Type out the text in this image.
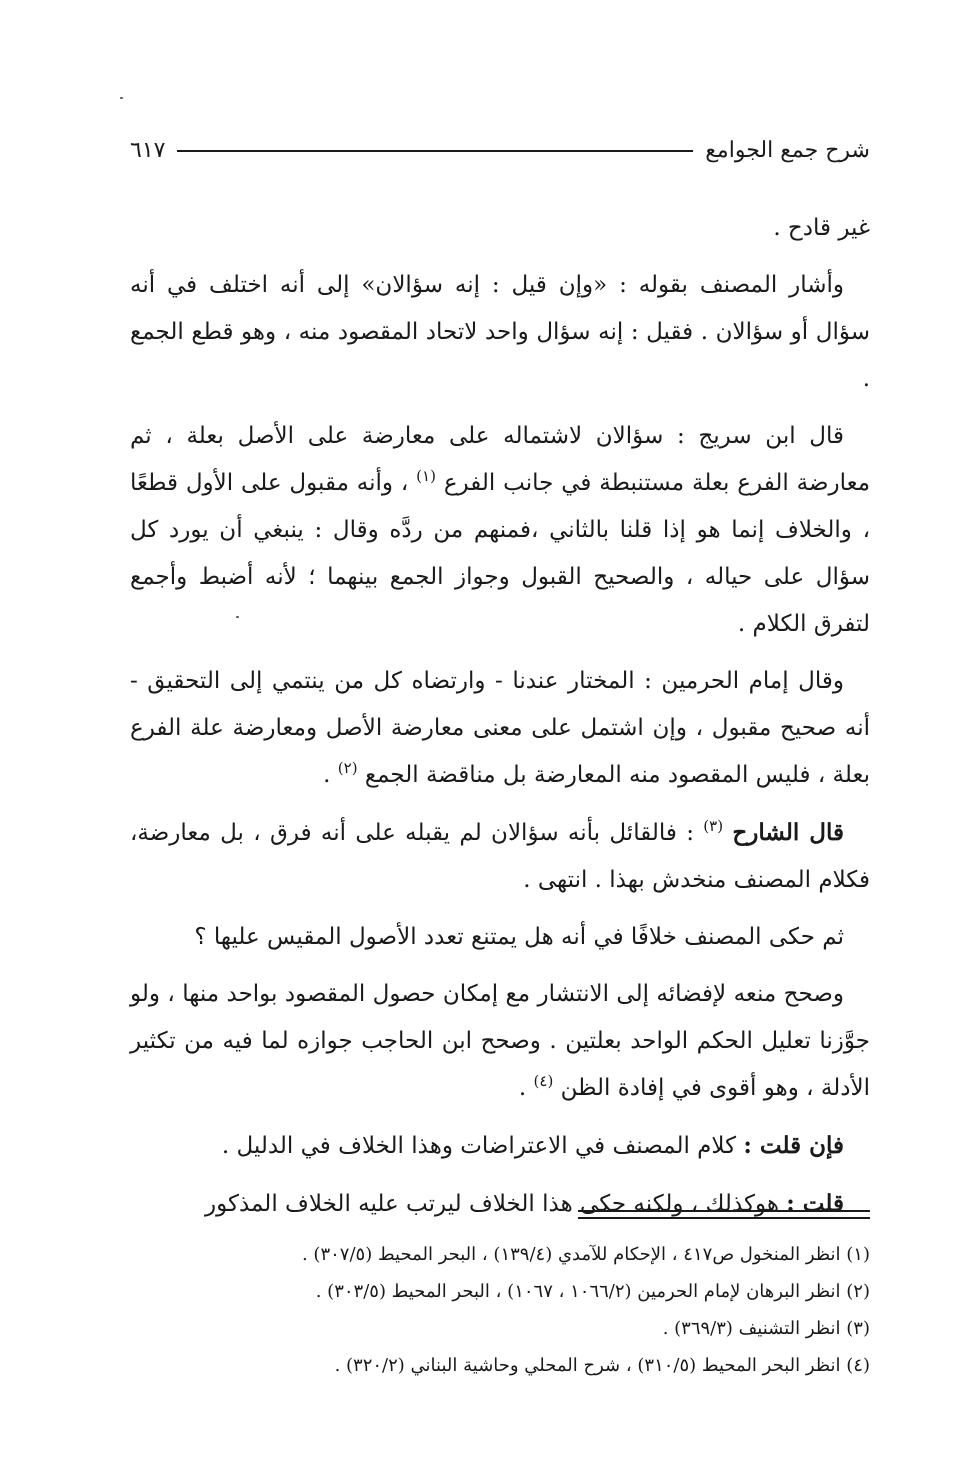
شرح جمع الجوامع
٦١٧

غير قادح .

وأشار المصنف بقوله : «وإن قيل : إنه سؤالان» إلى أنه اختلف في أنه سؤال أو سؤالان . فقيل : إنه سؤال واحد لاتحاد المقصود منه ، وهو قطع الجمع .

قال ابن سريج : سؤالان لاشتماله على معارضة على الأصل بعلة ، ثم معارضة الفرع بعلة مستنبطة في جانب الفرع $^{(١)}$ ، وأنه مقبول على الأول قطعًا ، والخلاف إنما هو إذا قلنا بالثاني ،فمنهم من ردَّه وقال : ينبغي أن يورد كل سؤال على حياله ، والصحيح القبول وجواز الجمع بينهما ؛ لأنه أضبط وأجمع لتفرق الكلام .

وقال إمام الحرمين : المختار عندنا - وارتضاه كل من ينتمي إلى التحقيق - أنه صحيح مقبول ، وإن اشتمل على معنى معارضة الأصل ومعارضة علة الفرع بعلة ، فليس المقصود منه المعارضة بل مناقضة الجمع $^{(٢)}$ .

قال الشارح $^{(٣)}$ : فالقائل بأنه سؤالان لم يقبله على أنه فرق ، بل معارضة، فكلام المصنف منخدش بهذا . انتهى .

ثم حكى المصنف خلافًا في أنه هل يمتنع تعدد الأصول المقيس عليها ؟

وصحح منعه لإفضائه إلى الانتشار مع إمكان حصول المقصود بواحد منها ، ولو جوَّزنا تعليل الحكم الواحد بعلتين . وصحح ابن الحاجب جوازه لما فيه من تكثير الأدلة ، وهو أقوى في إفادة الظن $^{(٤)}$ .

فإن قلت : كلام المصنف في الاعتراضات وهذا الخلاف في الدليل .

قلت : هوكذلك ، ولكنه حكى هذا الخلاف ليرتب عليه الخلاف المذكور

(١) انظر المنخول ص٤١٧ ، الإحكام للآمدي (١٣٩/٤) ، البحر المحيط (٣٠٧/٥) .
(٢) انظر البرهان لإمام الحرمين (١٠٦٦/٢ ، ١٠٦٧) ، البحر المحيط (٣٠٣/٥) .
(٣) انظر التشنيف (٣٦٩/٣) .
(٤) انظر البحر المحيط (٣١٠/٥) ، شرح المحلي وحاشية البناني (٣٢٠/٢) .
